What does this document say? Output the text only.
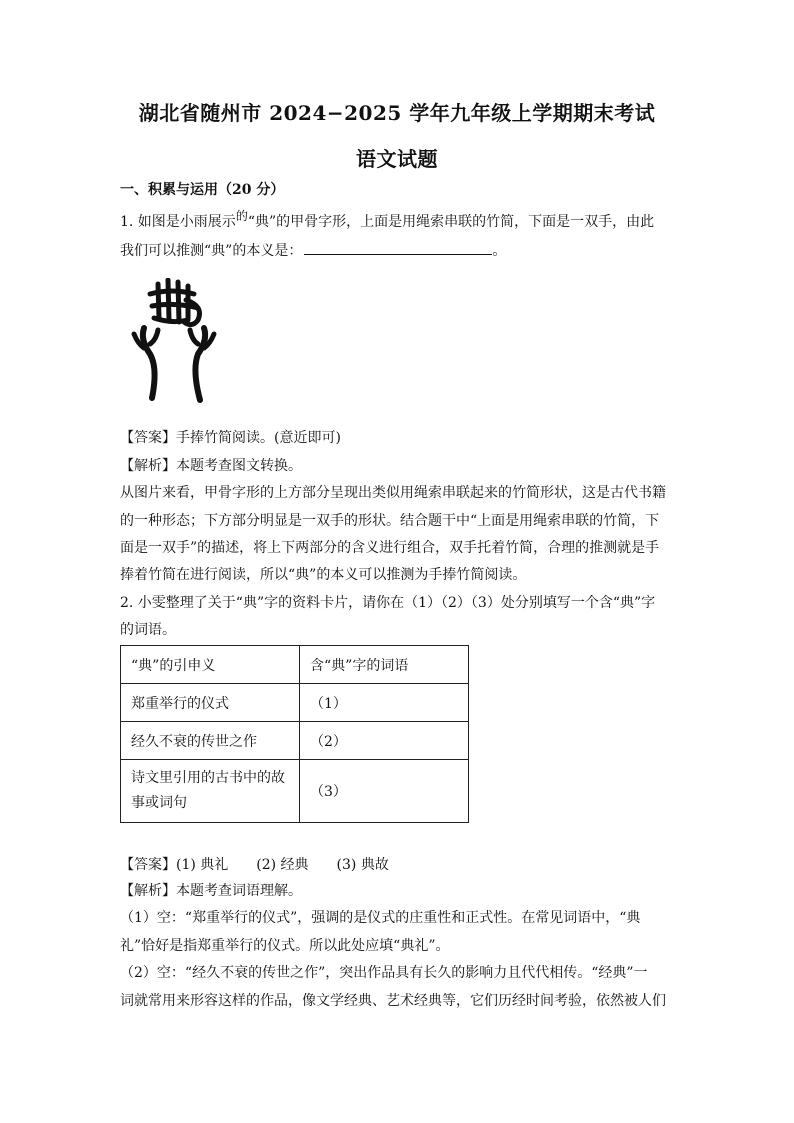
湖北省随州市 2024−2025 学年九年级上学期期末考试
语文试题
一、积累与运用（20 分）
1. 如图是小雨展示的“典”的甲骨字形，上面是用绳索串联的竹简，下面是一双手，由此
我们可以推测“典”的本义是：	。
【答案】手捧竹简阅读。(意近即可)
【解析】本题考查图文转换。
从图片来看，甲骨字形的上方部分呈现出类似用绳索串联起来的竹简形状，这是古代书籍
的一种形态；下方部分明显是一双手的形状。结合题干中“上面是用绳索串联的竹简，下
面是一双手”的描述，将上下两部分的含义进行组合，双手托着竹简，合理的推测就是手
捧着竹简在进行阅读，所以“典”的本义可以推测为手捧竹简阅读。
2. 小雯整理了关于“典”字的资料卡片，请你在（1）（2）（3）处分别填写一个含“典”字
的词语。
“典”的引申义	含“典”字的词语
郑重举行的仪式	（1）
经久不衰的传世之作	（2）

诗文里引用的古书中的故
事或词句	（3）
【答案】(1) 典礼　　(2) 经典　　(3) 典故
【解析】本题考查词语理解。
（1）空：“郑重举行的仪式”，强调的是仪式的庄重性和正式性。在常见词语中，“典
礼”恰好是指郑重举行的仪式。所以此处应填“典礼”。
（2）空：“经久不衰的传世之作”，突出作品具有长久的影响力且代代相传。“经典”一
词就常用来形容这样的作品，像文学经典、艺术经典等，它们历经时间考验，依然被人们
